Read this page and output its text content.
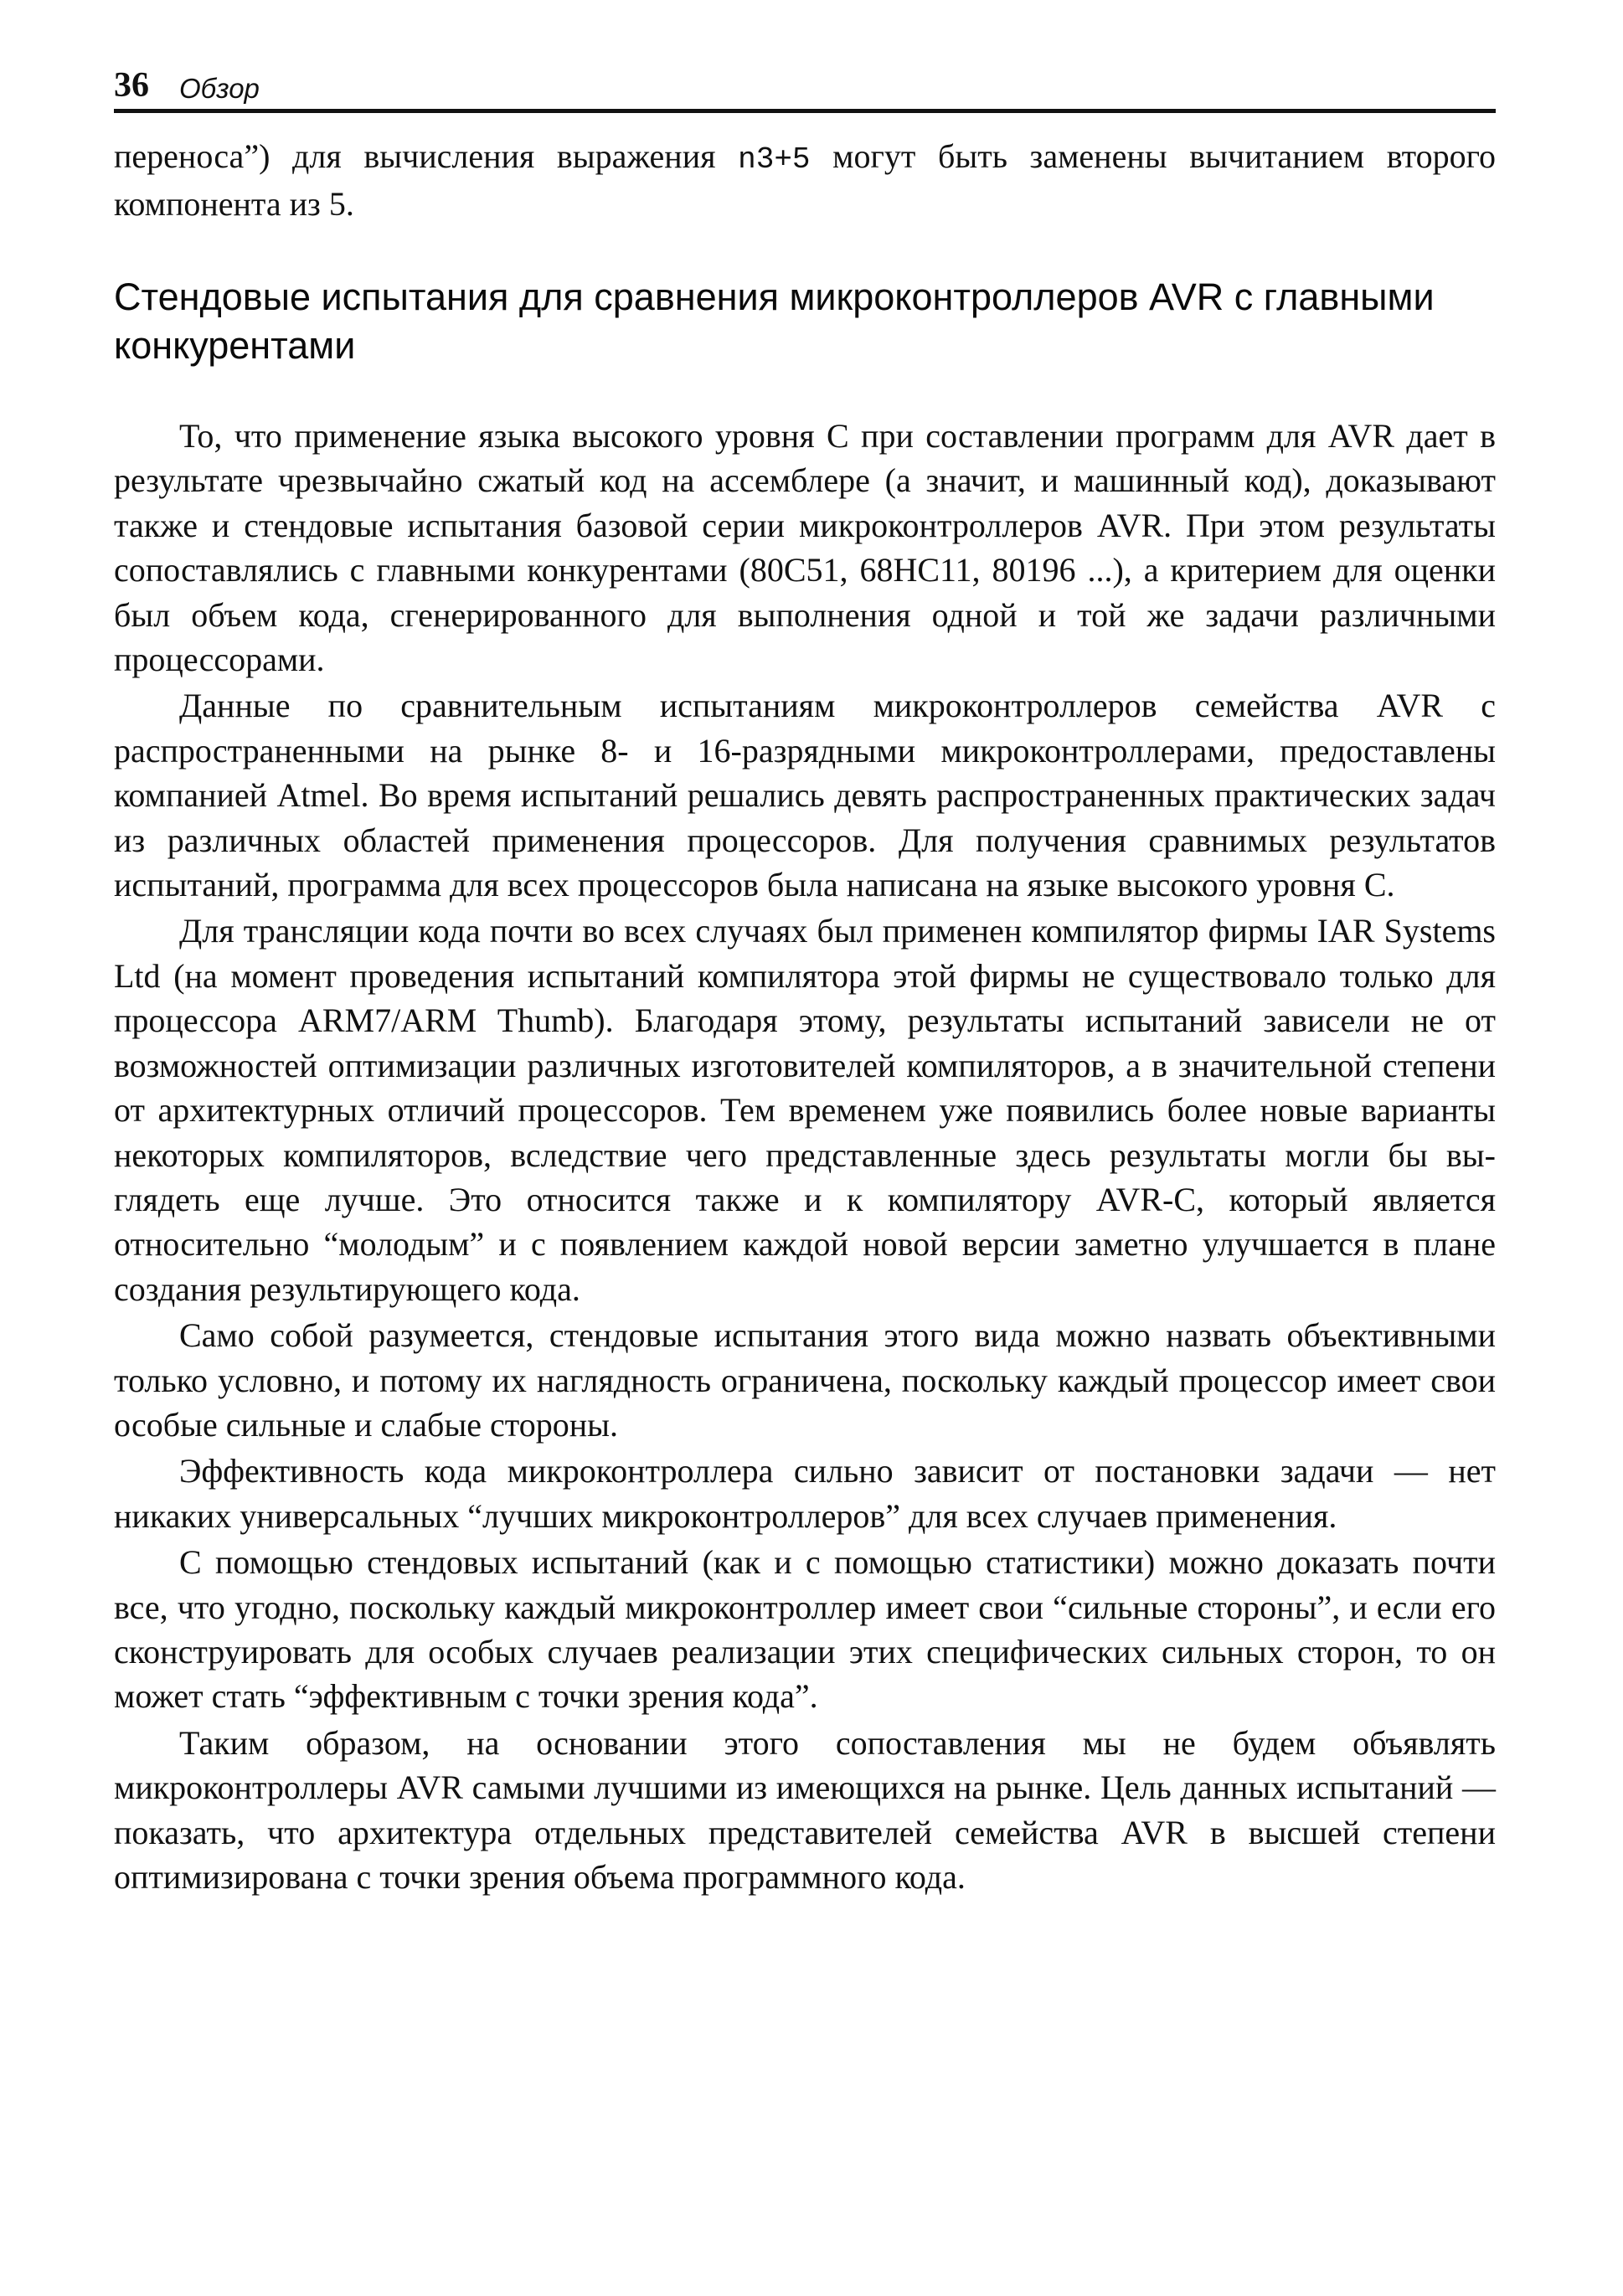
36 Обзор

переноса”) для вычисления выражения n3+5 могут быть заменены вычитанием второго компонента из 5.

Стендовые испытания для сравнения микроконтроллеров AVR с главными конкурентами

То, что применение языка высокого уровня С при составлении программ для AVR дает в результате чрезвычайно сжатый код на ассемблере (а значит, и машинный код), доказывают также и стендовые испытания базовой серии микроконтроллеров AVR. При этом результаты сопоставлялись с главными конкурентами (80С51, 68HC11, 80196 ...), а критерием для оценки был объем кода, сгенерированного для выполнения одной и той же задачи различными процессорами.

Данные по сравнительным испытаниям микроконтроллеров семейства AVR с распространенными на рынке 8- и 16-разрядными микроконтроллерами, предоставлены компанией Atmel. Во время испытаний решались девять распространенных практических задач из различных областей применения процессоров. Для получения сравнимых результатов испытаний, программа для всех процессоров была написана на языке высокого уровня С.

Для трансляции кода почти во всех случаях был применен компилятор фирмы IAR Systems Ltd (на момент проведения испытаний компилятора этой фирмы не существовало только для процессора ARM7/ARM Thumb). Благодаря этому, результаты испытаний зависели не от возможностей оптимизации различных изготовителей компиляторов, а в значительной степени от архитектурных отличий процессоров. Тем временем уже появились более новые варианты некоторых компиляторов, вследствие чего представленные здесь результаты могли бы выглядеть еще лучше. Это относится также и к компилятору AVR-C, который является относительно “молодым” и с появлением каждой новой версии заметно улучшается в плане создания результирующего кода.

Само собой разумеется, стендовые испытания этого вида можно назвать объективными только условно, и потому их наглядность ограничена, поскольку каждый процессор имеет свои особые сильные и слабые стороны.

Эффективность кода микроконтроллера сильно зависит от постановки задачи — нет никаких универсальных “лучших микроконтроллеров” для всех случаев применения.

С помощью стендовых испытаний (как и с помощью статистики) можно доказать почти все, что угодно, поскольку каждый микроконтроллер имеет свои “сильные стороны”, и если его сконструировать для особых случаев реализации этих специфических сильных сторон, то он может стать “эффективным с точки зрения кода”.

Таким образом, на основании этого сопоставления мы не будем объявлять микроконтроллеры AVR самыми лучшими из имеющихся на рынке. Цель данных испытаний — показать, что архитектура отдельных представителей семейства AVR в высшей степени оптимизирована с точки зрения объема программного кода.
